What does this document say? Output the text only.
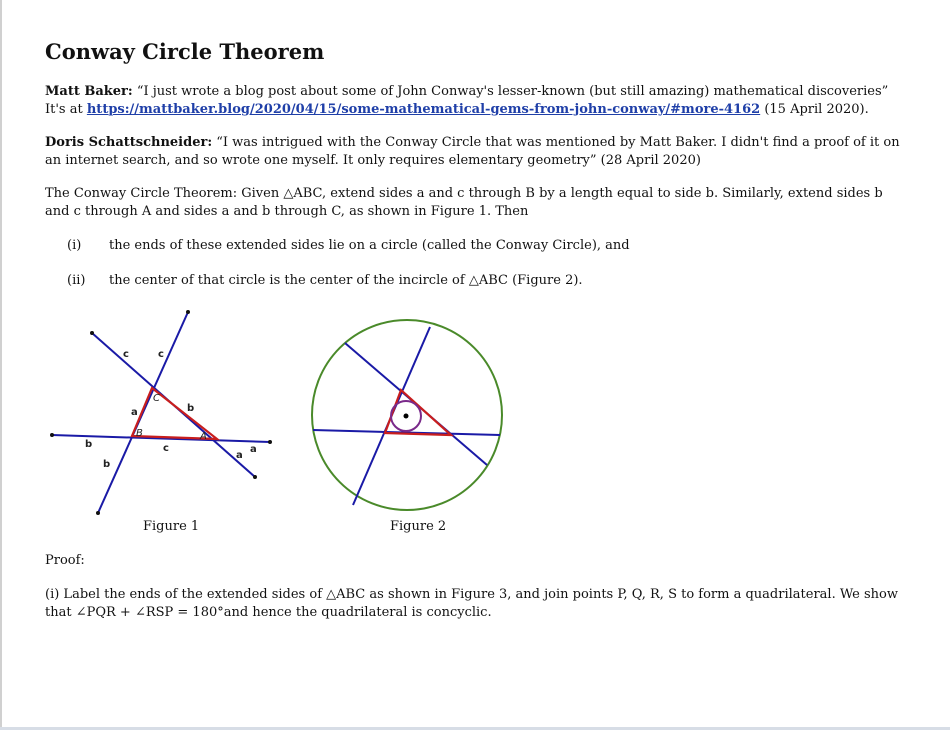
Conway Circle Theorem

Matt Baker: “I just wrote a blog post about some of John Conway's lesser-known (but still amazing) mathematical discoveries” It's at https://mattbaker.blog/2020/04/15/some-mathematical-gems-from-john-conway/#more-4162 (15 April 2020).

Doris Schattschneider: “I was intrigued with the Conway Circle that was mentioned by Matt Baker. I didn't find a proof of it on an internet search, and so wrote one myself. It only requires elementary geometry” (28 April 2020)

The Conway Circle Theorem: Given △ABC, extend sides a and c through B by a length equal to side b. Similarly, extend sides b and c through A and sides a and b through C, as shown in Figure 1. Then

(i) the ends of these extended sides lie on a circle (called the Conway Circle), and
(ii) the center of that circle is the center of the incircle of △ABC (Figure 2).
Figure 1	Figure 2
Proof:

(i) Label the ends of the extended sides of △ABC as shown in Figure 3, and join points P, Q, R, S to form a quadrilateral. We show that ∠PQR + ∠RSP = 180°and hence the quadrilateral is concyclic.

C
B	A
c	c
a	b
c
b
b
a
a
